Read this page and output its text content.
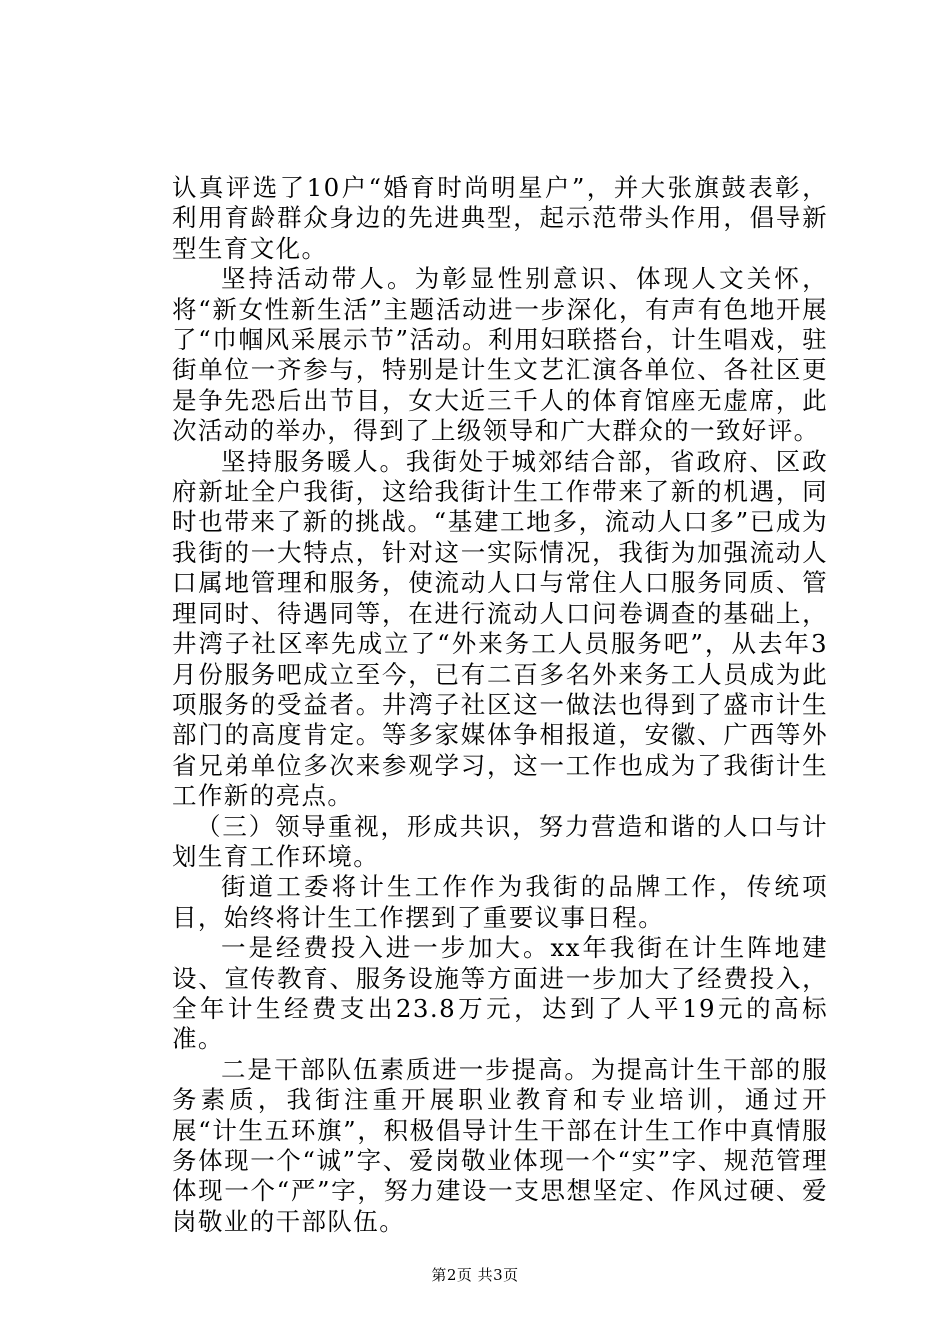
认真评选了10户“婚育时尚明星户”，并大张旗鼓表彰，利用育龄群众身边的先进典型，起示范带头作用，倡导新型生育文化。

坚持活动带人。为彰显性别意识、体现人文关怀，将“新女性新生活”主题活动进一步深化，有声有色地开展了“巾帼风采展示节”活动。利用妇联搭台，计生唱戏，驻街单位一齐参与，特别是计生文艺汇演各单位、各社区更是争先恐后出节目，女大近三千人的体育馆座无虚席，此次活动的举办，得到了上级领导和广大群众的一致好评。

坚持服务暖人。我街处于城郊结合部，省政府、区政府新址全户我街，这给我街计生工作带来了新的机遇，同时也带来了新的挑战。“基建工地多，流动人口多”已成为我街的一大特点，针对这一实际情况，我街为加强流动人口属地管理和服务，使流动人口与常住人口服务同质、管理同时、待遇同等，在进行流动人口问卷调查的基础上，井湾子社区率先成立了“外来务工人员服务吧”，从去年3月份服务吧成立至今，已有二百多名外来务工人员成为此项服务的受益者。井湾子社区这一做法也得到了盛市计生部门的高度肯定。等多家媒体争相报道，安徽、广西等外省兄弟单位多次来参观学习，这一工作也成为了我街计生工作新的亮点。

（三）领导重视，形成共识，努力营造和谐的人口与计划生育工作环境。

街道工委将计生工作作为我街的品牌工作，传统项目，始终将计生工作摆到了重要议事日程。

一是经费投入进一步加大。xx年我街在计生阵地建设、宣传教育、服务设施等方面进一步加大了经费投入，全年计生经费支出23.8万元，达到了人平19元的高标准。

二是干部队伍素质进一步提高。为提高计生干部的服务素质，我街注重开展职业教育和专业培训，通过开展“计生五环旗”，积极倡导计生干部在计生工作中真情服务体现一个“诚”字、爱岗敬业体现一个“实”字、规范管理体现一个“严”字，努力建设一支思想坚定、作风过硬、爱岗敬业的干部队伍。

第2页 共3页
